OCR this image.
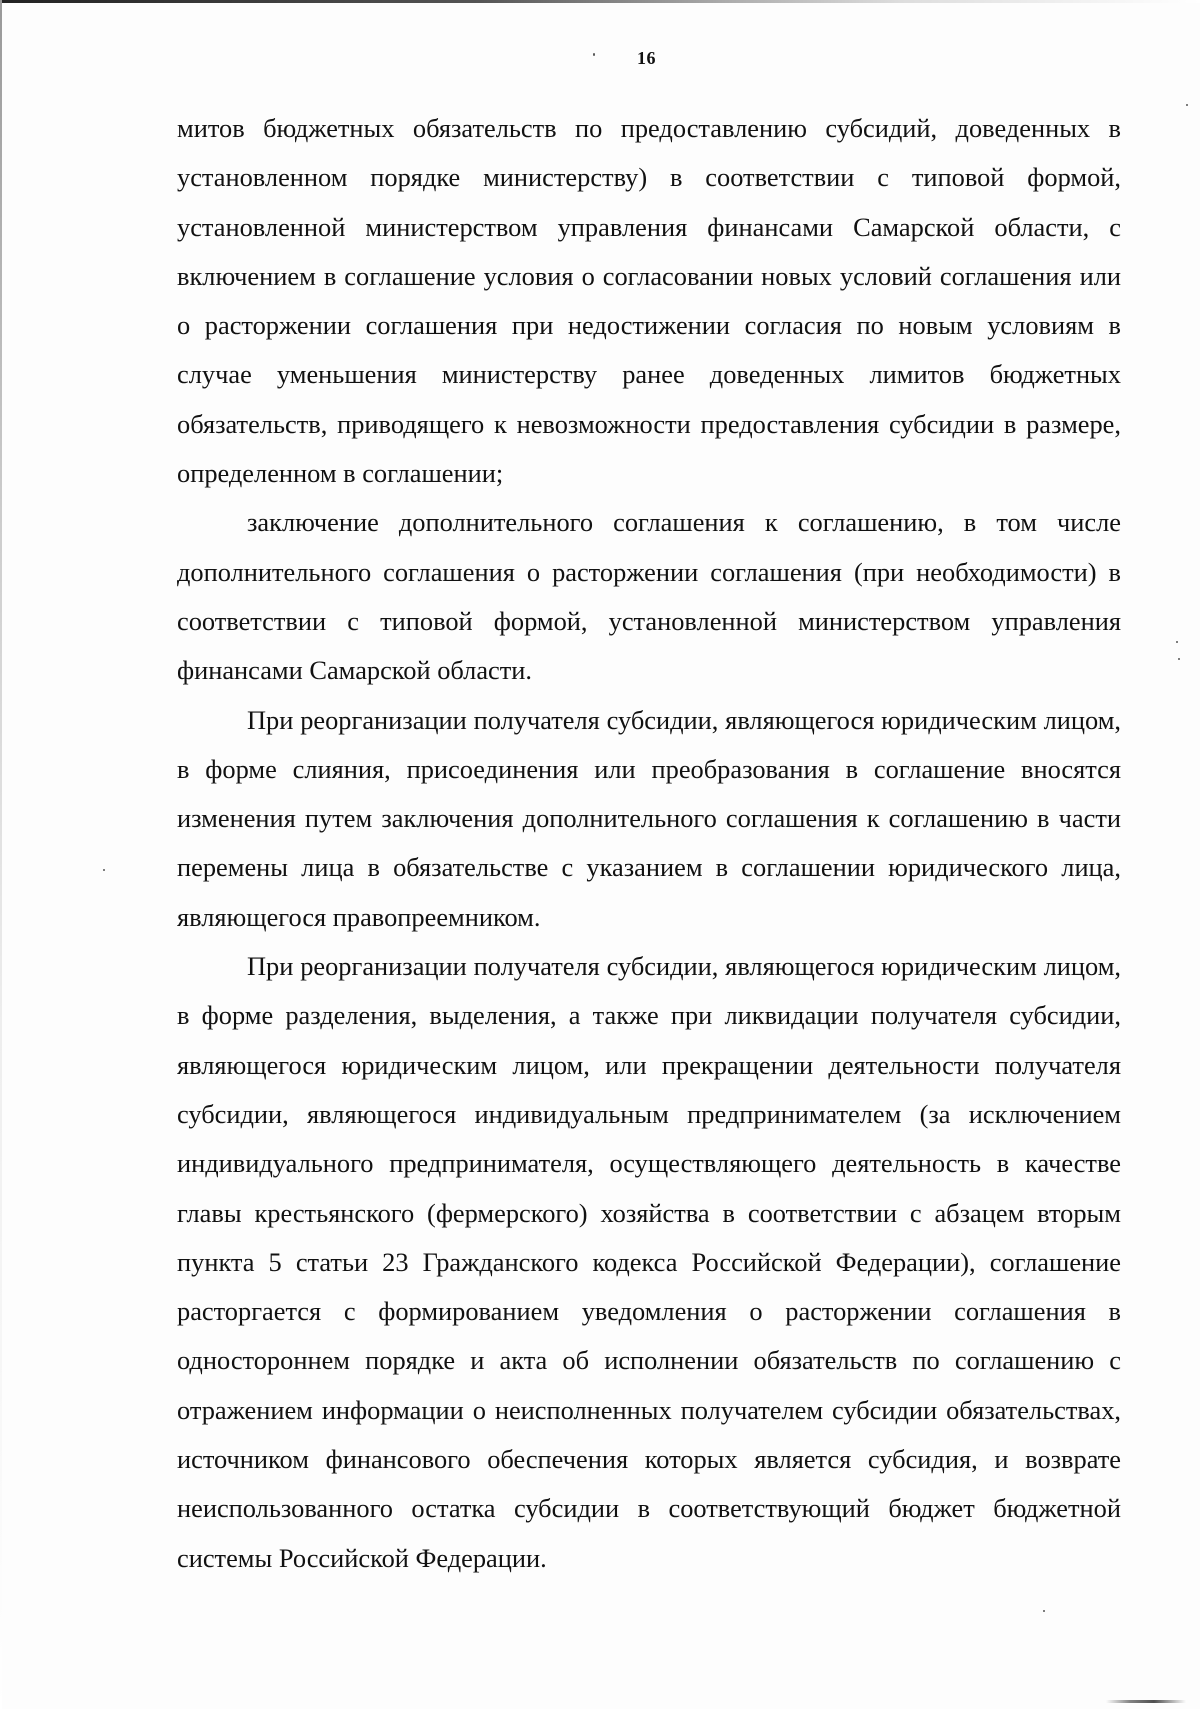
16

митов бюджетных обязательств по предоставлению субсидий, доведенных в установленном порядке министерству) в соответствии с типовой формой, установленной министерством управления финансами Самарской области, с включением в соглашение условия о согласовании новых условий соглашения или о расторжении соглашения при недостижении согласия по новым условиям в случае уменьшения министерству ранее доведенных лимитов бюджетных обязательств, приводящего к невозможности предоставления субсидии в размере, определенном в соглашении;

заключение дополнительного соглашения к соглашению, в том числе дополнительного соглашения о расторжении соглашения (при необходимости) в соответствии с типовой формой, установленной министерством управления финансами Самарской области.

При реорганизации получателя субсидии, являющегося юридическим лицом, в форме слияния, присоединения или преобразования в соглашение вносятся изменения путем заключения дополнительного соглашения к соглашению в части перемены лица в обязательстве с указанием в соглашении юридического лица, являющегося правопреемником.

При реорганизации получателя субсидии, являющегося юридическим лицом, в форме разделения, выделения, а также при ликвидации получателя субсидии, являющегося юридическим лицом, или прекращении деятельности получателя субсидии, являющегося индивидуальным предпринимателем (за исключением индивидуального предпринимателя, осуществляющего деятельность в качестве главы крестьянского (фермерского) хозяйства в соответствии с абзацем вторым пункта 5 статьи 23 Гражданского кодекса Российской Федерации), соглашение расторгается с формированием уведомления о расторжении соглашения в одностороннем порядке и акта об исполнении обязательств по соглашению с отражением информации о неисполненных получателем субсидии обязательствах, источником финансового обеспечения которых является субсидия, и возврате неиспользованного остатка субсидии в соответствующий бюджет бюджетной системы Российской Федерации.
